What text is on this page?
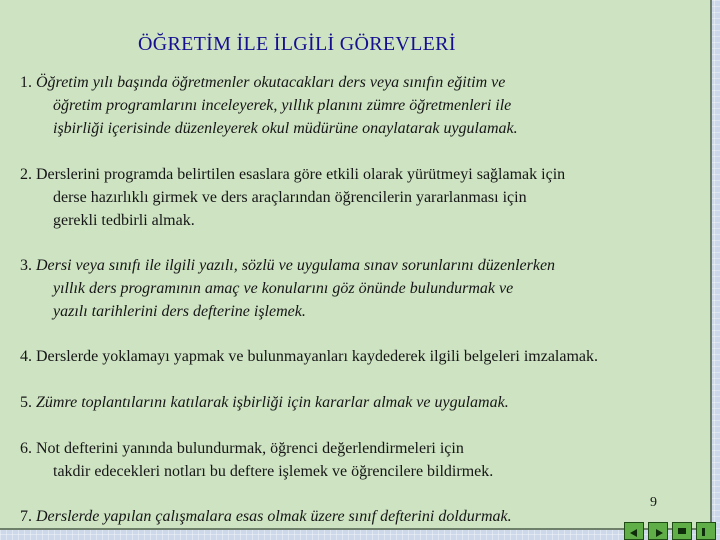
ÖĞRETİM İLE İLGİLİ GÖREVLERİ

1. Öğretim yılı başında öğretmenler okutacakları ders veya sınıfın eğitim ve
öğretim programlarını inceleyerek, yıllık planını zümre öğretmenleri ile
işbirliği içerisinde düzenleyerek okul müdürüne onaylatarak uygulamak.

2. Derslerini programda belirtilen esaslara göre etkili olarak yürütmeyi sağlamak için
derse hazırlıklı girmek ve ders araçlarından öğrencilerin yararlanması için
gerekli tedbirli almak.

3. Dersi veya sınıfı ile ilgili yazılı, sözlü ve uygulama sınav sorunlarını düzenlerken
yıllık ders programının amaç ve konularını göz önünde bulundurmak ve
yazılı tarihlerini ders defterine işlemek.

4. Derslerde yoklamayı yapmak ve bulunmayanları kaydederek ilgili belgeleri imzalamak.

5. Zümre toplantılarını katılarak işbirliği için kararlar almak ve uygulamak.

6. Not defterini yanında bulundurmak, öğrenci değerlendirmeleri için
takdir edecekleri notları bu deftere işlemek ve öğrencilere bildirmek.

7. Derslerde yapılan çalışmalara esas olmak üzere sınıf defterini doldurmak.

9
